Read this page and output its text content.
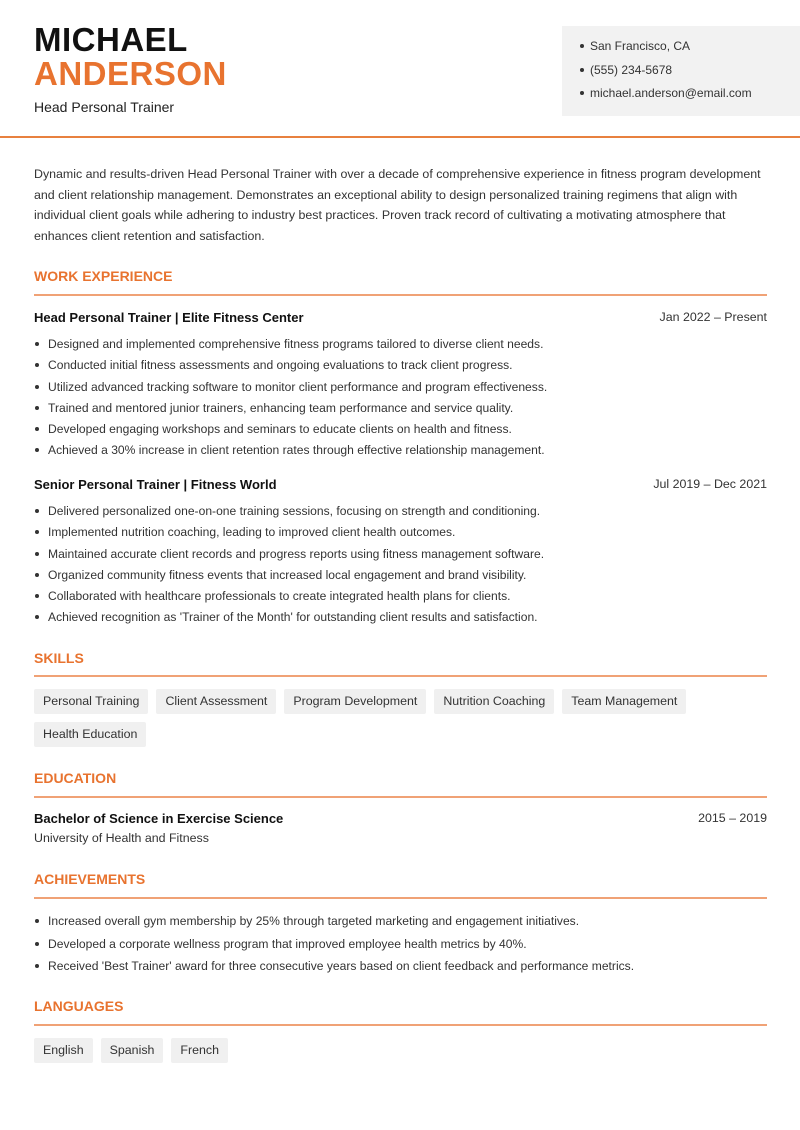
MICHAEL
ANDERSON
Head Personal Trainer
San Francisco, CA
(555) 234-5678
michael.anderson@email.com

Dynamic and results-driven Head Personal Trainer with over a decade of comprehensive experience in fitness program development and client relationship management. Demonstrates an exceptional ability to design personalized training regimens that align with individual client goals while adhering to industry best practices. Proven track record of cultivating a motivating atmosphere that enhances client retention and satisfaction.

WORK EXPERIENCE
Head Personal Trainer | Elite Fitness Center	Jan 2022 – Present
Designed and implemented comprehensive fitness programs tailored to diverse client needs.
Conducted initial fitness assessments and ongoing evaluations to track client progress.
Utilized advanced tracking software to monitor client performance and program effectiveness.
Trained and mentored junior trainers, enhancing team performance and service quality.
Developed engaging workshops and seminars to educate clients on health and fitness.
Achieved a 30% increase in client retention rates through effective relationship management.
Senior Personal Trainer | Fitness World	Jul 2019 – Dec 2021
Delivered personalized one-on-one training sessions, focusing on strength and conditioning.
Implemented nutrition coaching, leading to improved client health outcomes.
Maintained accurate client records and progress reports using fitness management software.
Organized community fitness events that increased local engagement and brand visibility.
Collaborated with healthcare professionals to create integrated health plans for clients.
Achieved recognition as 'Trainer of the Month' for outstanding client results and satisfaction.
SKILLS
Personal Training	Client Assessment	Program Development	Nutrition Coaching	Team Management
Health Education
EDUCATION
Bachelor of Science in Exercise Science	2015 – 2019
University of Health and Fitness
ACHIEVEMENTS
Increased overall gym membership by 25% through targeted marketing and engagement initiatives.
Developed a corporate wellness program that improved employee health metrics by 40%.
Received 'Best Trainer' award for three consecutive years based on client feedback and performance metrics.
LANGUAGES
English	Spanish	French
